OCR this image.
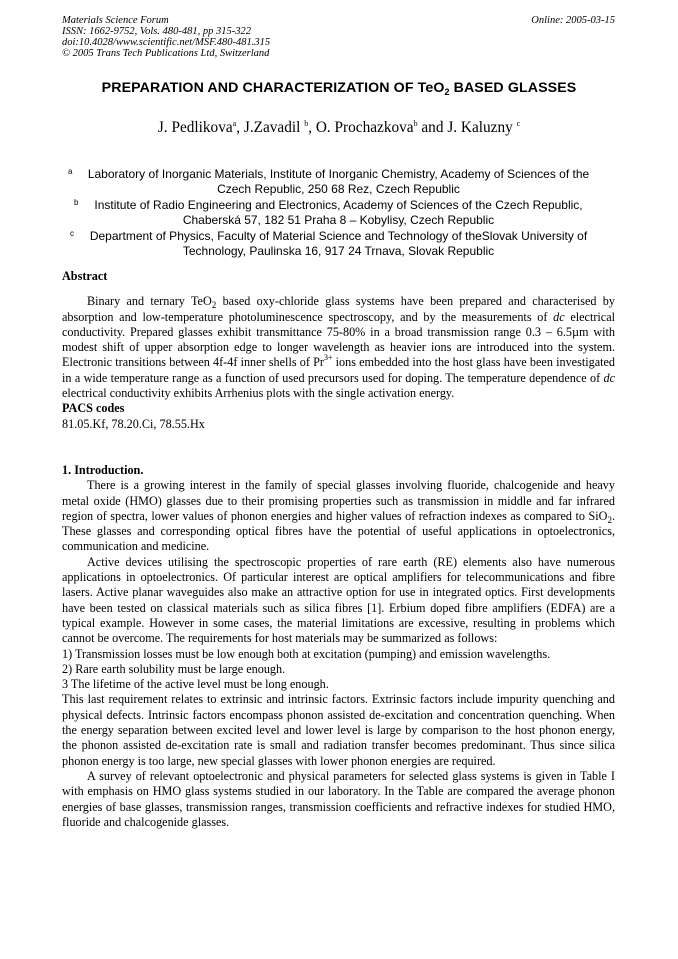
Materials Science Forum
ISSN: 1662-9752, Vols. 480-481, pp 315-322
doi:10.4028/www.scientific.net/MSF.480-481.315
© 2005 Trans Tech Publications Ltd, Switzerland
Online: 2005-03-15
PREPARATION AND CHARACTERIZATION OF TeO$_2$ BASED GLASSES
J. Pedlikova$^a$, J.Zavadil $^b$, O. Prochazkova$^b$ and J. Kaluzny $^c$
a	Laboratory of Inorganic Materials, Institute of Inorganic Chemistry, Academy of Sciences of the
Czech Republic, 250 68 Rez, Czech Republic
b	Institute of Radio Engineering and Electronics, Academy of Sciences of the Czech Republic,
Chaberská 57, 182 51 Praha 8 – Kobylisy, Czech Republic
c	Department of Physics, Faculty of Material Science and Technology of theSlovak University of
Technology, Paulinska 16, 917 24 Trnava, Slovak Republic

Abstract

Binary and ternary TeO$_2$ based oxy-chloride glass systems have been prepared and characterised by absorption and low-temperature photoluminescence spectroscopy, and by the measurements of dc electrical conductivity. Prepared glasses exhibit transmittance 75-80% in a broad transmission range 0.3 – 6.5µm with modest shift of upper absorption edge to longer wavelength as heavier ions are introduced into the system. Electronic transitions between 4f-4f inner shells of $Pr^{3+}$ ions embedded into the host glass have been investigated in a wide temperature range as a function of used precursors used for doping. The temperature dependence of dc electrical conductivity exhibits Arrhenius plots with the single activation energy.

PACS codes

81.05.Kf, 78.20.Ci, 78.55.Hx

1. Introduction.

There is a growing interest in the family of special glasses involving fluoride, chalcogenide and heavy metal oxide (HMO) glasses due to their promising properties such as transmission in middle and far infrared region of spectra, lower values of phonon energies and higher values of refraction indexes as compared to SiO$_2$. These glasses and corresponding optical fibres have the potential of useful applications in optoelectronics, communication and medicine.

Active devices utilising the spectroscopic properties of rare earth (RE) elements also have numerous applications in optoelectronics. Of particular interest are optical amplifiers for telecommunications and fibre lasers. Active planar waveguides also make an attractive option for use in integrated optics. First developments have been tested on classical materials such as silica fibres [1]. Erbium doped fibre amplifiers (EDFA) are a typical example. However in some cases, the material limitations are excessive, resulting in problems which cannot be overcome. The requirements for host materials may be summarized as follows:

1) Transmission losses must be low enough both at excitation (pumping) and emission wavelengths.

2) Rare earth solubility must be large enough.

3 The lifetime of the active level must be long enough.

This last requirement relates to extrinsic and intrinsic factors. Extrinsic factors include impurity quenching and physical defects. Intrinsic factors encompass phonon assisted de-excitation and concentration quenching. When the energy separation between excited level and lower level is large by comparison to the host phonon energy, the phonon assisted de-excitation rate is small and radiation transfer becomes predominant. Thus since silica phonon energy is too large, new special glasses with lower phonon energies are required.

A survey of relevant optoelectronic and physical parameters for selected glass systems is given in Table I with emphasis on HMO glass systems studied in our laboratory. In the Table are compared the average phonon energies of base glasses, transmission ranges, transmission coefficients and refractive indexes for studied HMO, fluoride and chalcogenide glasses.
